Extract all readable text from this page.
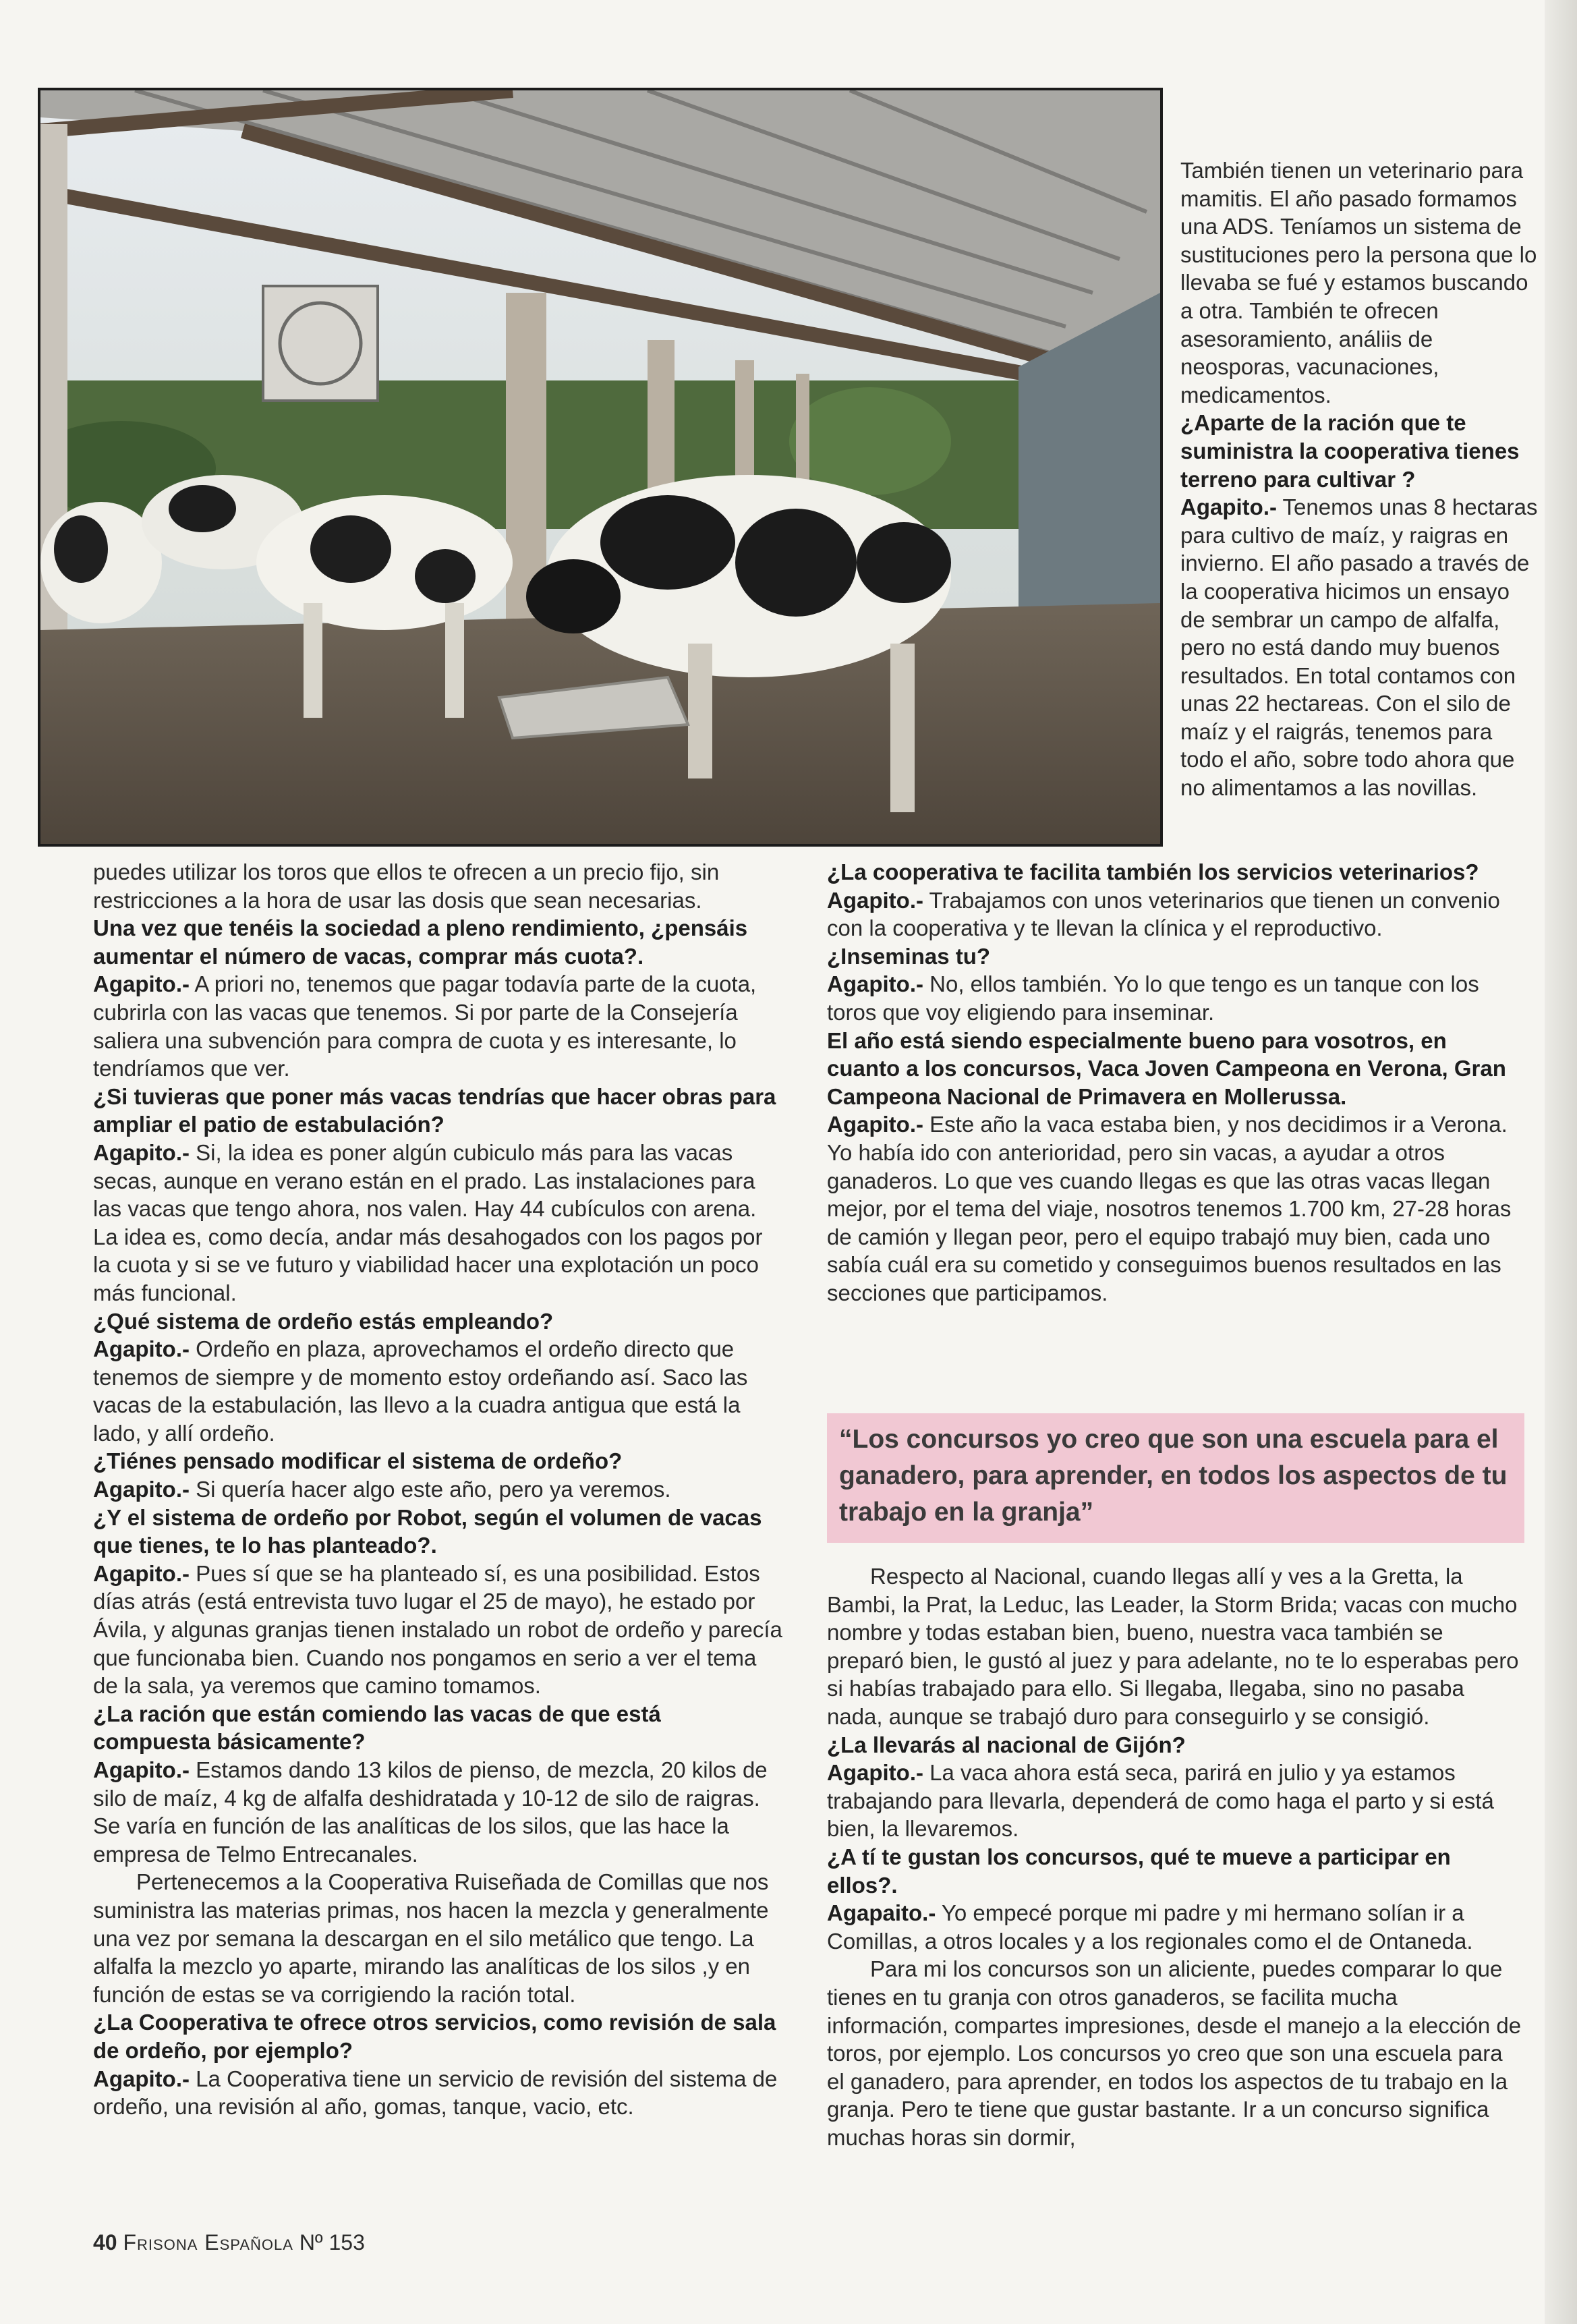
También tienen un veterinario para mamitis. El año pasado formamos una ADS. Teníamos un sistema de sustituciones pero la persona que lo llevaba se fué y estamos buscando a otra. También te ofrecen asesoramiento, análiis de neosporas, vacunaciones, medicamentos.

¿Aparte de la ración que te suministra la cooperativa tienes terreno para cultivar ?

Agapito.- Tenemos unas 8 hectaras para cultivo de maíz, y raigras en invierno. El año pasado a través de la cooperativa hicimos un ensayo de sembrar un campo de alfalfa, pero no está dando muy buenos resultados. En total contamos con unas 22 hectareas. Con el silo de maíz y el raigrás, tenemos para todo el año, sobre todo ahora que no alimentamos a las novillas.

puedes utilizar los toros que ellos te ofrecen a un precio fijo, sin restricciones a la hora de usar las dosis que sean necesarias.

Una vez que tenéis la sociedad a pleno rendimiento, ¿pensáis aumentar el número de vacas, comprar más cuota?.

Agapito.- A priori no, tenemos que pagar todavía parte de la cuota, cubrirla con las vacas que tenemos. Si por parte de la Consejería saliera una subvención para compra de cuota y es interesante, lo tendríamos que ver.

¿Si tuvieras que poner más vacas tendrías que hacer obras para ampliar el patio de estabulación?

Agapito.- Si, la idea es poner algún cubiculo más para las vacas secas, aunque en verano están en el prado. Las instalaciones para las vacas que tengo ahora, nos valen. Hay 44 cubículos con arena. La idea es, como decía, andar más desahogados con los pagos por la cuota y si se ve futuro y viabilidad hacer una explotación un poco más funcional.

¿Qué sistema de ordeño estás empleando?

Agapito.- Ordeño en plaza, aprovechamos el ordeño directo que tenemos de siempre y de momento estoy ordeñando así. Saco las vacas de la estabulación, las llevo a la cuadra antigua que está la lado, y allí ordeño.

¿Tiénes pensado modificar el sistema de ordeño?

Agapito.- Si quería hacer algo este año, pero ya veremos.

¿Y el sistema de ordeño por Robot, según el volumen de vacas que tienes, te lo has planteado?.

Agapito.- Pues sí que se ha planteado sí, es una posibilidad. Estos días atrás (está entrevista tuvo lugar el 25 de mayo), he estado por Ávila, y algunas granjas tienen instalado un robot de ordeño y parecía que funcionaba bien. Cuando nos pongamos en serio a ver el tema de la sala, ya veremos que camino tomamos.

¿La ración que están comiendo las vacas de que está compuesta básicamente?

Agapito.- Estamos dando 13 kilos de pienso, de mezcla, 20 kilos de silo de maíz, 4 kg de alfalfa deshidratada y 10-12 de silo de raigras. Se varía en función de las analíticas de los silos, que las hace la empresa de Telmo Entrecanales.

Pertenecemos a la Cooperativa Ruiseñada de Comillas que nos suministra las materias primas, nos hacen la mezcla y generalmente una vez por semana la descargan en el silo metálico que tengo. La alfalfa la mezclo yo aparte, mirando las analíticas de los silos ,y en función de estas se va corrigiendo la ración total.

¿La Cooperativa te ofrece otros servicios, como revisión de sala de ordeño, por ejemplo?

Agapito.- La Cooperativa tiene un servicio de revisión del sistema de ordeño, una revisión al año, gomas, tanque, vacio, etc.

¿La cooperativa te facilita también los servicios veterinarios?

Agapito.- Trabajamos con unos veterinarios que tienen un convenio con la cooperativa y te llevan la clínica y el reproductivo.

¿Inseminas tu?

Agapito.- No, ellos también. Yo lo que tengo es un tanque con los toros que voy eligiendo para inseminar.

El año está siendo especialmente bueno para vosotros, en cuanto a los concursos, Vaca Joven Campeona en Verona, Gran Campeona Nacional de Primavera en Mollerussa.

Agapito.- Este año la vaca estaba bien, y nos decidimos ir a Verona. Yo había ido con anterioridad, pero sin vacas, a ayudar a otros ganaderos. Lo que ves cuando llegas es que las otras vacas llegan mejor, por el tema del viaje, nosotros tenemos 1.700 km, 27-28 horas de camión y llegan peor, pero el equipo trabajó muy bien, cada uno sabía cuál era su cometido y conseguimos buenos resultados en las secciones que participamos.

“Los concursos yo creo que son una escuela para el ganadero, para aprender, en todos los aspectos de tu trabajo en la granja”

Respecto al Nacional, cuando llegas allí y ves a la Gretta, la Bambi, la Prat, la Leduc, las Leader, la Storm Brida; vacas con mucho nombre y todas estaban bien, bueno, nuestra vaca también se preparó bien, le gustó al juez y para adelante, no te lo esperabas pero si habías trabajado para ello. Si llegaba, llegaba, sino no pasaba nada, aunque se trabajó duro para conseguirlo y se consigió.

¿La llevarás al nacional de Gijón?

Agapito.- La vaca ahora está seca, parirá en julio y ya estamos trabajando para llevarla, dependerá de como haga el parto y si está bien, la llevaremos.

¿A tí te gustan los concursos, qué te mueve a participar en ellos?.

Agapaito.- Yo empecé porque mi padre y mi hermano solían ir a Comillas, a otros locales y a los regionales como el de Ontaneda.

Para mi los concursos son un aliciente, puedes comparar lo que tienes en tu granja con otros ganaderos, se facilita mucha información, compartes impresiones, desde el manejo a la elección de toros, por ejemplo. Los concursos yo creo que son una escuela para el ganadero, para aprender, en todos los aspectos de tu trabajo en la granja. Pero te tiene que gustar bastante. Ir a un concurso significa muchas horas sin dormir,

40 Frisona Española Nº 153
